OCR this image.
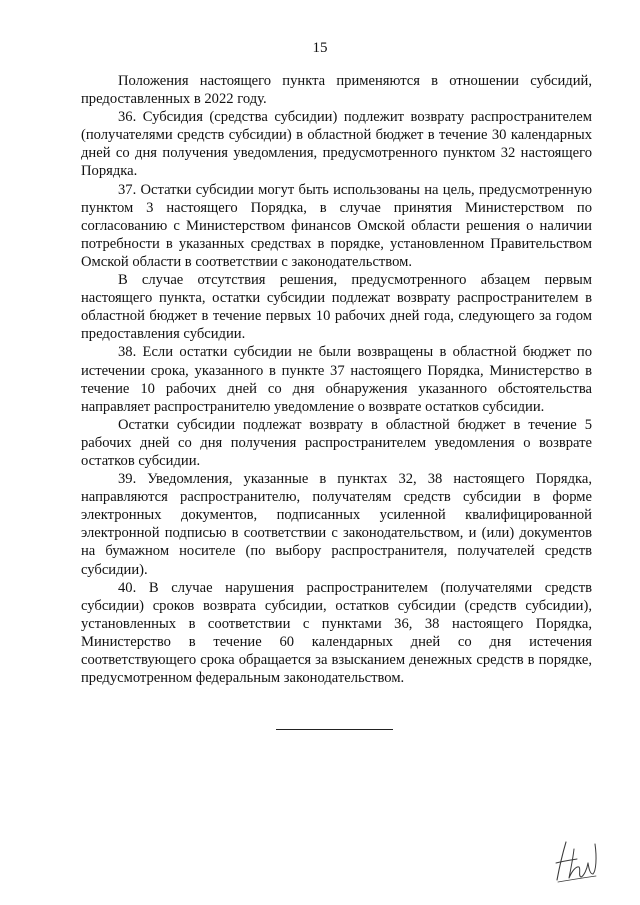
15

Положения настоящего пункта применяются в отношении субсидий, предоставленных в 2022 году.

36. Субсидия (средства субсидии) подлежит возврату распространителем (получателями средств субсидии) в областной бюджет в течение 30 календарных дней со дня получения уведомления, предусмотренного пунктом 32 настоящего Порядка.

37. Остатки субсидии могут быть использованы на цель, предусмотренную пунктом 3 настоящего Порядка, в случае принятия Министерством по согласованию с Министерством финансов Омской области решения о наличии потребности в указанных средствах в порядке, установленном Правительством Омской области в соответствии с законодательством.

В случае отсутствия решения, предусмотренного абзацем первым настоящего пункта, остатки субсидии подлежат возврату распространителем в областной бюджет в течение первых 10 рабочих дней года, следующего за годом предоставления субсидии.

38. Если остатки субсидии не были возвращены в областной бюджет по истечении срока, указанного в пункте 37 настоящего Порядка, Министерство в течение 10 рабочих дней со дня обнаружения указанного обстоятельства направляет распространителю уведомление о возврате остатков субсидии.

Остатки субсидии подлежат возврату в областной бюджет в течение 5 рабочих дней со дня получения распространителем уведомления о возврате остатков субсидии.

39. Уведомления, указанные в пунктах 32, 38 настоящего Порядка, направляются распространителю, получателям средств субсидии в форме электронных документов, подписанных усиленной квалифицированной электронной подписью в соответствии с законодательством, и (или) документов на бумажном носителе (по выбору распространителя, получателей средств субсидии).

40. В случае нарушения распространителем (получателями средств субсидии) сроков возврата субсидии, остатков субсидии (средств субсидии), установленных в соответствии с пунктами 36, 38 настоящего Порядка, Министерство в течение 60 календарных дней со дня истечения соответствующего срока обращается за взысканием денежных средств в порядке, предусмотренном федеральным законодательством.
